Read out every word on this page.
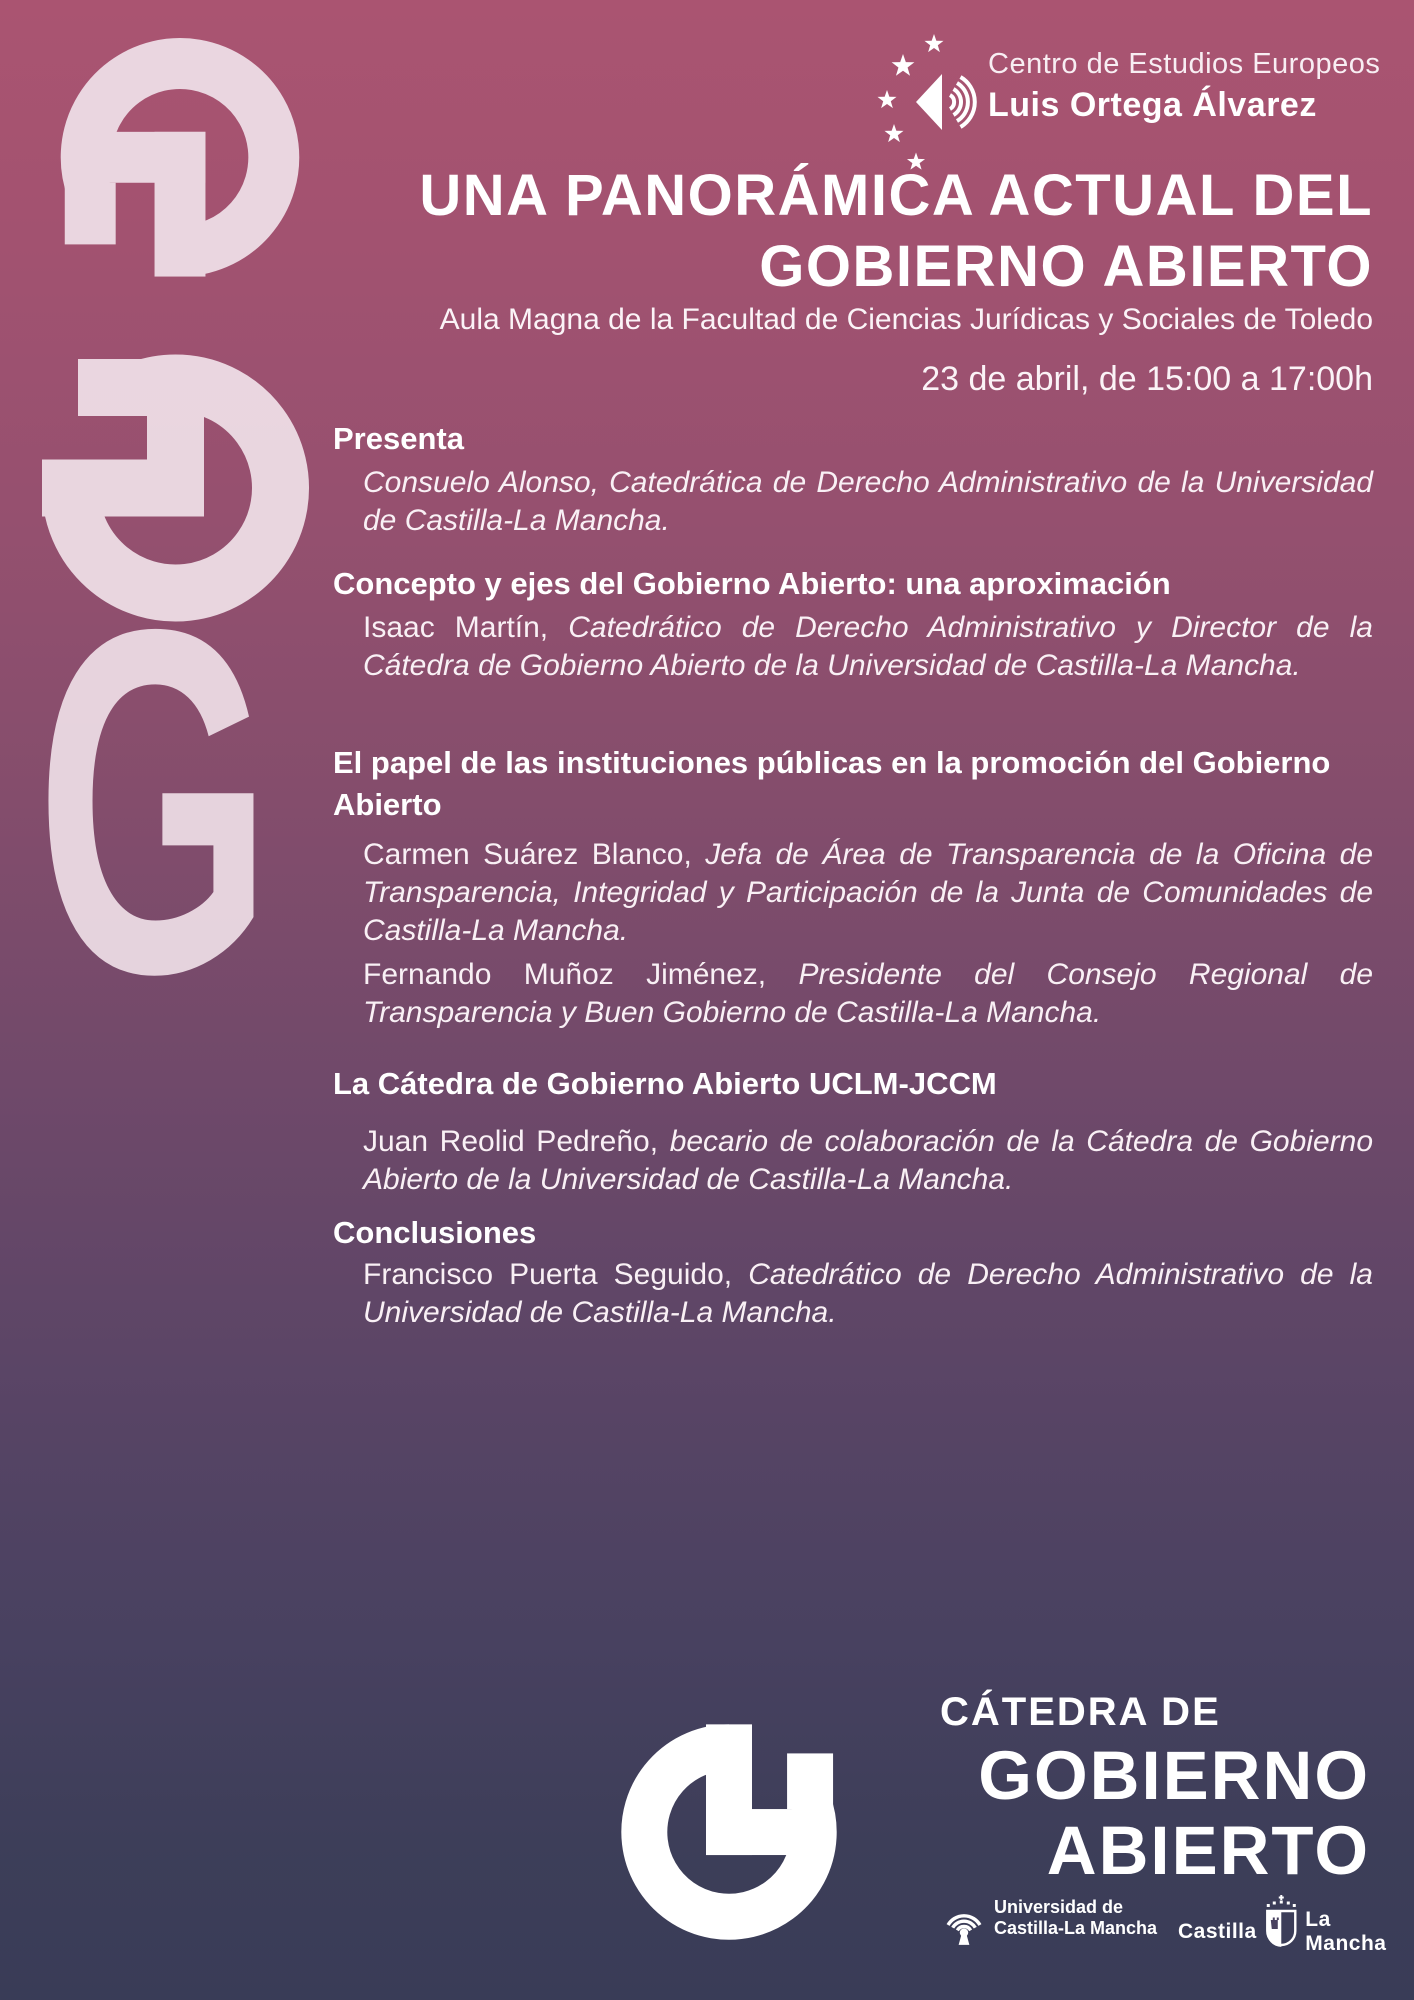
G
Centro de Estudios Europeos
Luis Ortega Álvarez
UNA PANORÁMICA ACTUAL DEL
GOBIERNO ABIERTO
Aula Magna de la Facultad de Ciencias Jurídicas y Sociales de Toledo
23 de abril, de 15:00 a 17:00h
Presenta

Consuelo Alonso, Catedrática de Derecho Administrativo de la Universidad de Castilla-La Mancha.

Concepto y ejes del Gobierno Abierto: una aproximación

Isaac Martín, Catedrático de Derecho Administrativo y Director de la Cátedra de Gobierno Abierto de la Universidad de Castilla-La Mancha.

El papel de las instituciones públicas en la promoción del Gobierno Abierto

Carmen Suárez Blanco, Jefa de Área de Transparencia de la Oficina de Transparencia, Integridad y Participación de la Junta de Comunidades de Castilla-La Mancha.

Fernando Muñoz Jiménez, Presidente del Consejo Regional de Transparencia y Buen Gobierno de Castilla-La Mancha.

La Cátedra de Gobierno Abierto UCLM-JCCM

Juan Reolid Pedreño, becario de colaboración de la Cátedra de Gobierno Abierto de la Universidad de Castilla-La Mancha.

Conclusiones

Francisco Puerta Seguido, Catedrático de Derecho Administrativo de la Universidad de Castilla-La Mancha.

CÁTEDRA DE
GOBIERNO
ABIERTO
Universidad de
Castilla-La Mancha Castilla
La Mancha
